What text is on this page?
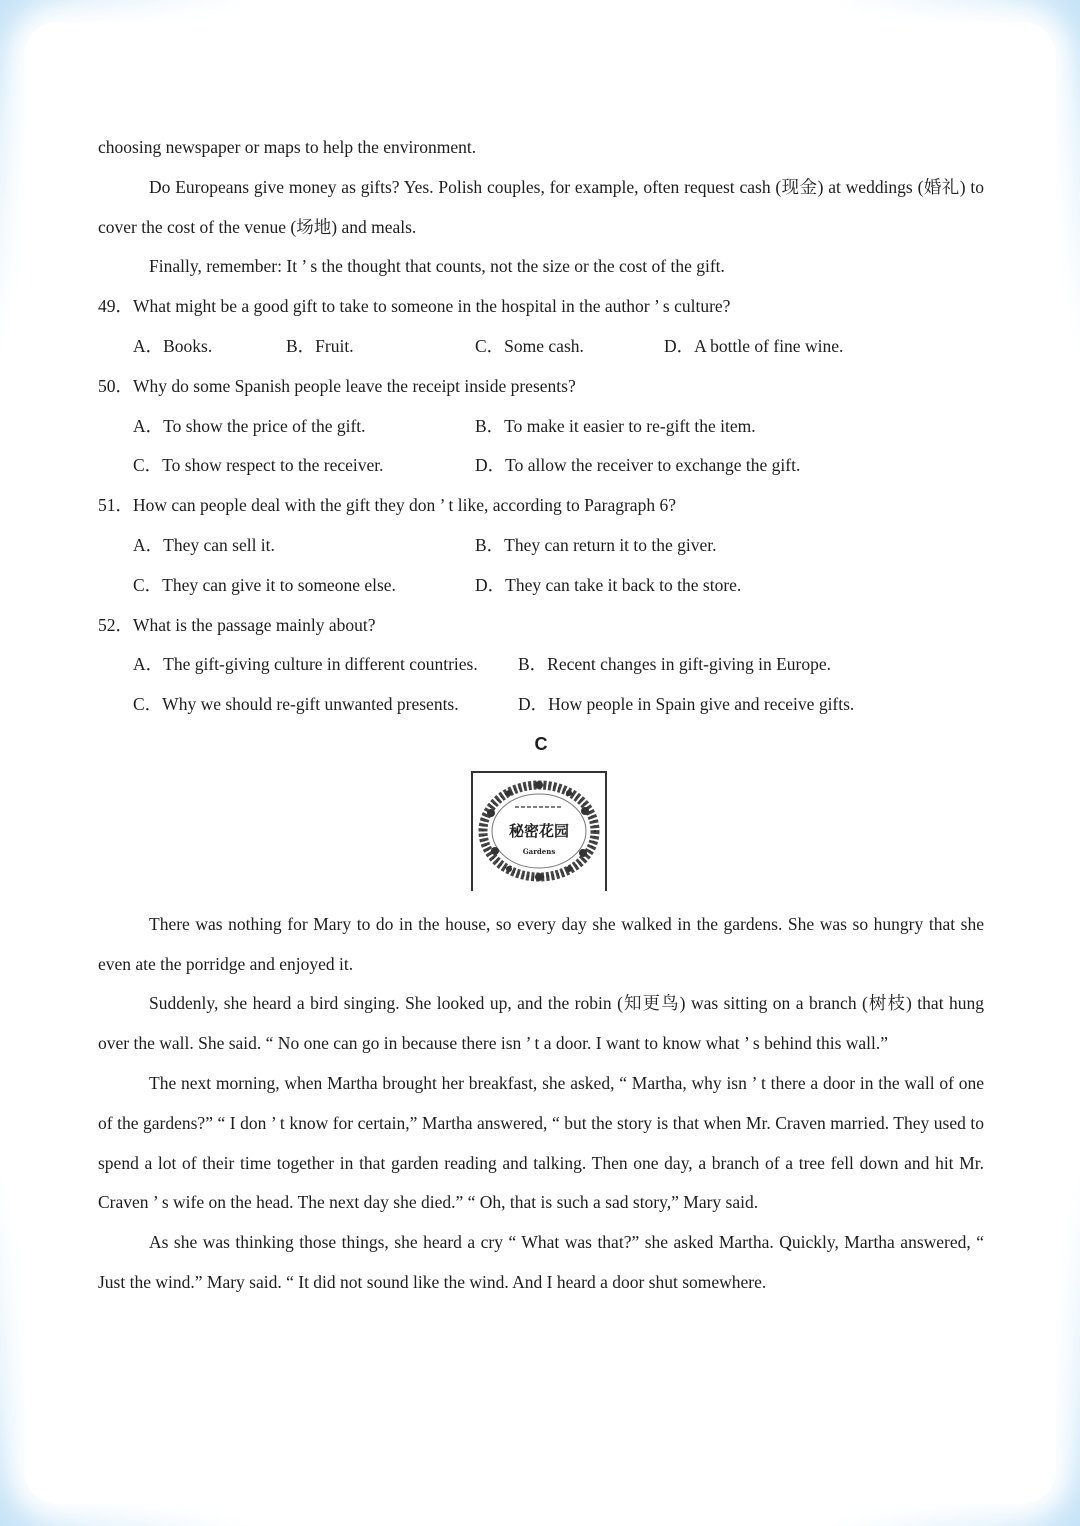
choosing newspaper or maps to help the environment.

Do Europeans give money as gifts? Yes. Polish couples, for example, often request cash (现金) at weddings (婚礼) to cover the cost of the venue (场地) and meals.

Finally, remember: It ’ s the thought that counts, not the size or the cost of the gift.

49．What might be a good gift to take to someone in the hospital in the author ’ s culture?

A．Books.	B．Fruit.	C．Some cash.	D．A bottle of fine wine.

50．Why do some Spanish people leave the receipt inside presents?

A．To show the price of the gift.	B．To make it easier to re-gift the item.
C．To show respect to the receiver.	D．To allow the receiver to exchange the gift.

51．How can people deal with the gift they don ’ t like, according to Paragraph 6?

A．They can sell it.	B．They can return it to the giver.
C．They can give it to someone else.	D．They can take it back to the store.

52．What is the passage mainly about?

A．The gift-giving culture in different countries. B．Recent changes in gift-giving in Europe.
C．Why we should re-gift unwanted presents.	D．How people in Spain give and receive gifts.

C

秘密花园
Gardens

There was nothing for Mary to do in the house, so every day she walked in the gardens. She was so hungry that she even ate the porridge and enjoyed it.

Suddenly, she heard a bird singing. She looked up, and the robin (知更鸟) was sitting on a branch (树枝) that hung over the wall. She said. “ No one can go in because there isn ’ t a door. I want to know what ’ s behind this wall.”

The next morning, when Martha brought her breakfast, she asked, “ Martha, why isn ’ t there a door in the wall of one of the gardens?” “ I don ’ t know for certain,” Martha answered, “ but the story is that when Mr. Craven married. They used to spend a lot of their time together in that garden reading and talking. Then one day, a branch of a tree fell down and hit Mr. Craven ’ s wife on the head. The next day she died.” “ Oh, that is such a sad story,” Mary said.

As she was thinking those things, she heard a cry “ What was that?” she asked Martha. Quickly, Martha answered, “ Just the wind.” Mary said. “ It did not sound like the wind. And I heard a door shut somewhere.
